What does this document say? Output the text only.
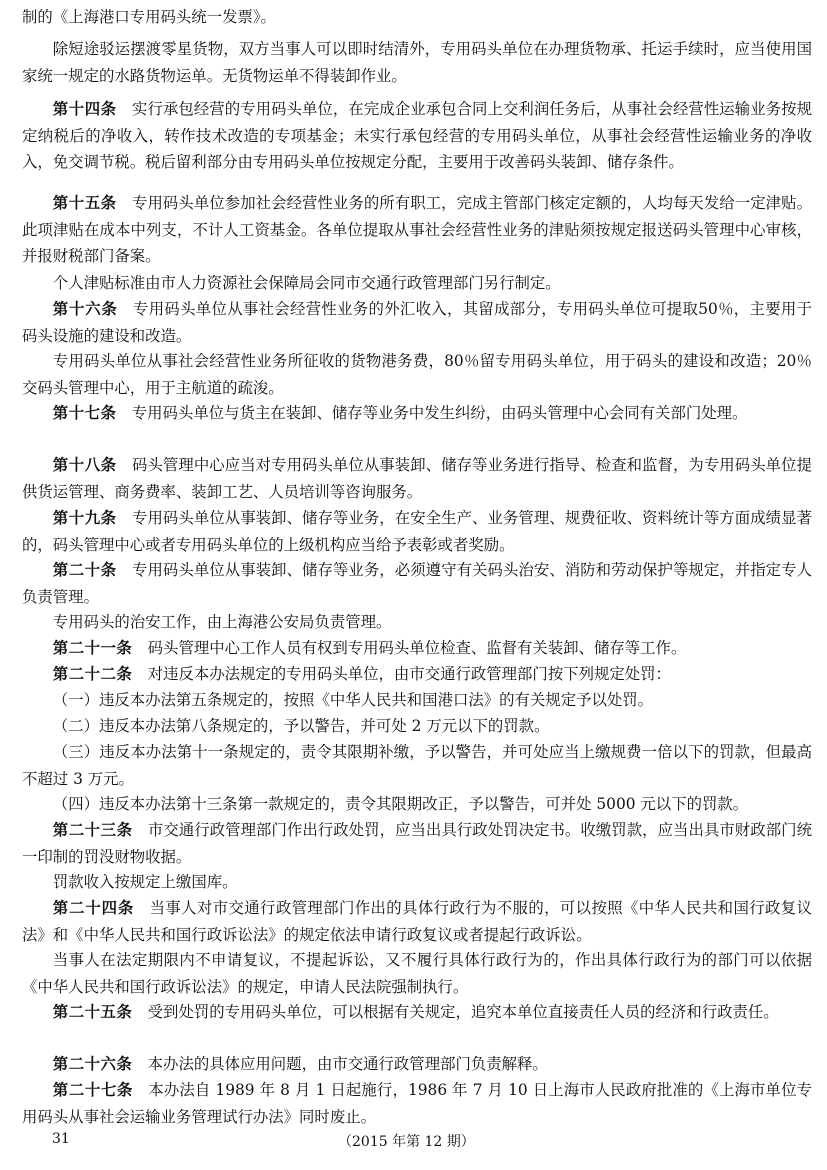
制的《上海港口专用码头统一发票》。

除短途驳运摆渡零星货物，双方当事人可以即时结清外，专用码头单位在办理货物承、托运手续时，应当使用国家统一规定的水路货物运单。无货物运单不得装卸作业。

第十四条 实行承包经营的专用码头单位，在完成企业承包合同上交利润任务后，从事社会经营性运输业务按规定纳税后的净收入，转作技术改造的专项基金；未实行承包经营的专用码头单位，从事社会经营性运输业务的净收入，免交调节税。税后留利部分由专用码头单位按规定分配，主要用于改善码头装卸、储存条件。

第十五条 专用码头单位参加社会经营性业务的所有职工，完成主管部门核定定额的，人均每天发给一定津贴。此项津贴在成本中列支，不计人工资基金。各单位提取从事社会经营性业务的津贴须按规定报送码头管理中心审核，并报财税部门备案。

个人津贴标准由市人力资源社会保障局会同市交通行政管理部门另行制定。

第十六条 专用码头单位从事社会经营性业务的外汇收入，其留成部分，专用码头单位可提取50％，主要用于码头设施的建设和改造。

专用码头单位从事社会经营性业务所征收的货物港务费，80％留专用码头单位，用于码头的建设和改造；20％交码头管理中心，用于主航道的疏浚。

第十七条 专用码头单位与货主在装卸、储存等业务中发生纠纷，由码头管理中心会同有关部门处理。

第十八条 码头管理中心应当对专用码头单位从事装卸、储存等业务进行指导、检查和监督，为专用码头单位提供货运管理、商务费率、装卸工艺、人员培训等咨询服务。

第十九条 专用码头单位从事装卸、储存等业务，在安全生产、业务管理、规费征收、资料统计等方面成绩显著的，码头管理中心或者专用码头单位的上级机构应当给予表彰或者奖励。

第二十条 专用码头单位从事装卸、储存等业务，必须遵守有关码头治安、消防和劳动保护等规定，并指定专人负责管理。

专用码头的治安工作，由上海港公安局负责管理。

第二十一条 码头管理中心工作人员有权到专用码头单位检查、监督有关装卸、储存等工作。

第二十二条 对违反本办法规定的专用码头单位，由市交通行政管理部门按下列规定处罚：

（一）违反本办法第五条规定的，按照《中华人民共和国港口法》的有关规定予以处罚。

（二）违反本办法第八条规定的，予以警告，并可处 2 万元以下的罚款。

（三）违反本办法第十一条规定的，责令其限期补缴，予以警告，并可处应当上缴规费一倍以下的罚款，但最高不超过 3 万元。

（四）违反本办法第十三条第一款规定的，责令其限期改正，予以警告，可并处 5000 元以下的罚款。

第二十三条 市交通行政管理部门作出行政处罚，应当出具行政处罚决定书。收缴罚款，应当出具市财政部门统一印制的罚没财物收据。

罚款收入按规定上缴国库。

第二十四条 当事人对市交通行政管理部门作出的具体行政行为不服的，可以按照《中华人民共和国行政复议法》和《中华人民共和国行政诉讼法》的规定依法申请行政复议或者提起行政诉讼。

当事人在法定期限内不申请复议，不提起诉讼，又不履行具体行政行为的，作出具体行政行为的部门可以依据《中华人民共和国行政诉讼法》的规定，申请人民法院强制执行。

第二十五条 受到处罚的专用码头单位，可以根据有关规定，追究本单位直接责任人员的经济和行政责任。

第二十六条 本办法的具体应用问题，由市交通行政管理部门负责解释。

第二十七条 本办法自 1989 年 8 月 1 日起施行，1986 年 7 月 10 日上海市人民政府批准的《上海市单位专用码头从事社会运输业务管理试行办法》同时废止。

31	（2015 年第 12 期）
